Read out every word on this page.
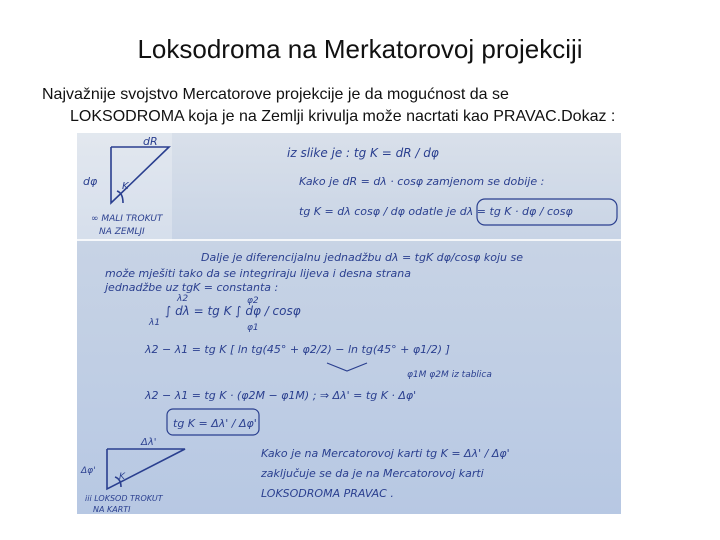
Loksodroma na Merkatorovoj projekciji
Najvažnije svojstvo Mercatorove projekcije je da mogućnost da se
LOKSODROMA koja je na Zemlji krivulja može nacrtati kao PRAVAC.Dokaz :
dR
dφ K
∞ MALI TROKUT
NA ZEMLJI
iz slike je : tg K = dR / dφ
Kako je dR = dλ · cosφ zamjenom se dobije :
tg K = dλ cosφ / dφ odatle je dλ = tg K · dφ / cosφ
Dalje je diferencijalnu jednadžbu dλ = tgK dφ/cosφ koju se
može mješiti tako da se integriraju lijeva i desna strana
jednadžbe uz tgK = constanta :
λ2
λ1
∫ dλ = tg K ∫ dφ / cosφ
φ2
φ1
λ2 − λ1 = tg K [ ln tg(45° + φ2/2) − ln tg(45° + φ1/2) ]
φ1M φ2M iz tablica
λ2 − λ1 = tg K · (φ2M − φ1M) ; ⇒ Δλ' = tg K · Δφ'
tg K = Δλ' / Δφ'
Δλ'
Δφ'
K
iii LOKSOD TROKUT
NA KARTI
Kako je na Mercatorovoj karti tg K = Δλ' / Δφ'
zaključuje se da je na Mercatorovoj karti
LOKSODROMA PRAVAC .
